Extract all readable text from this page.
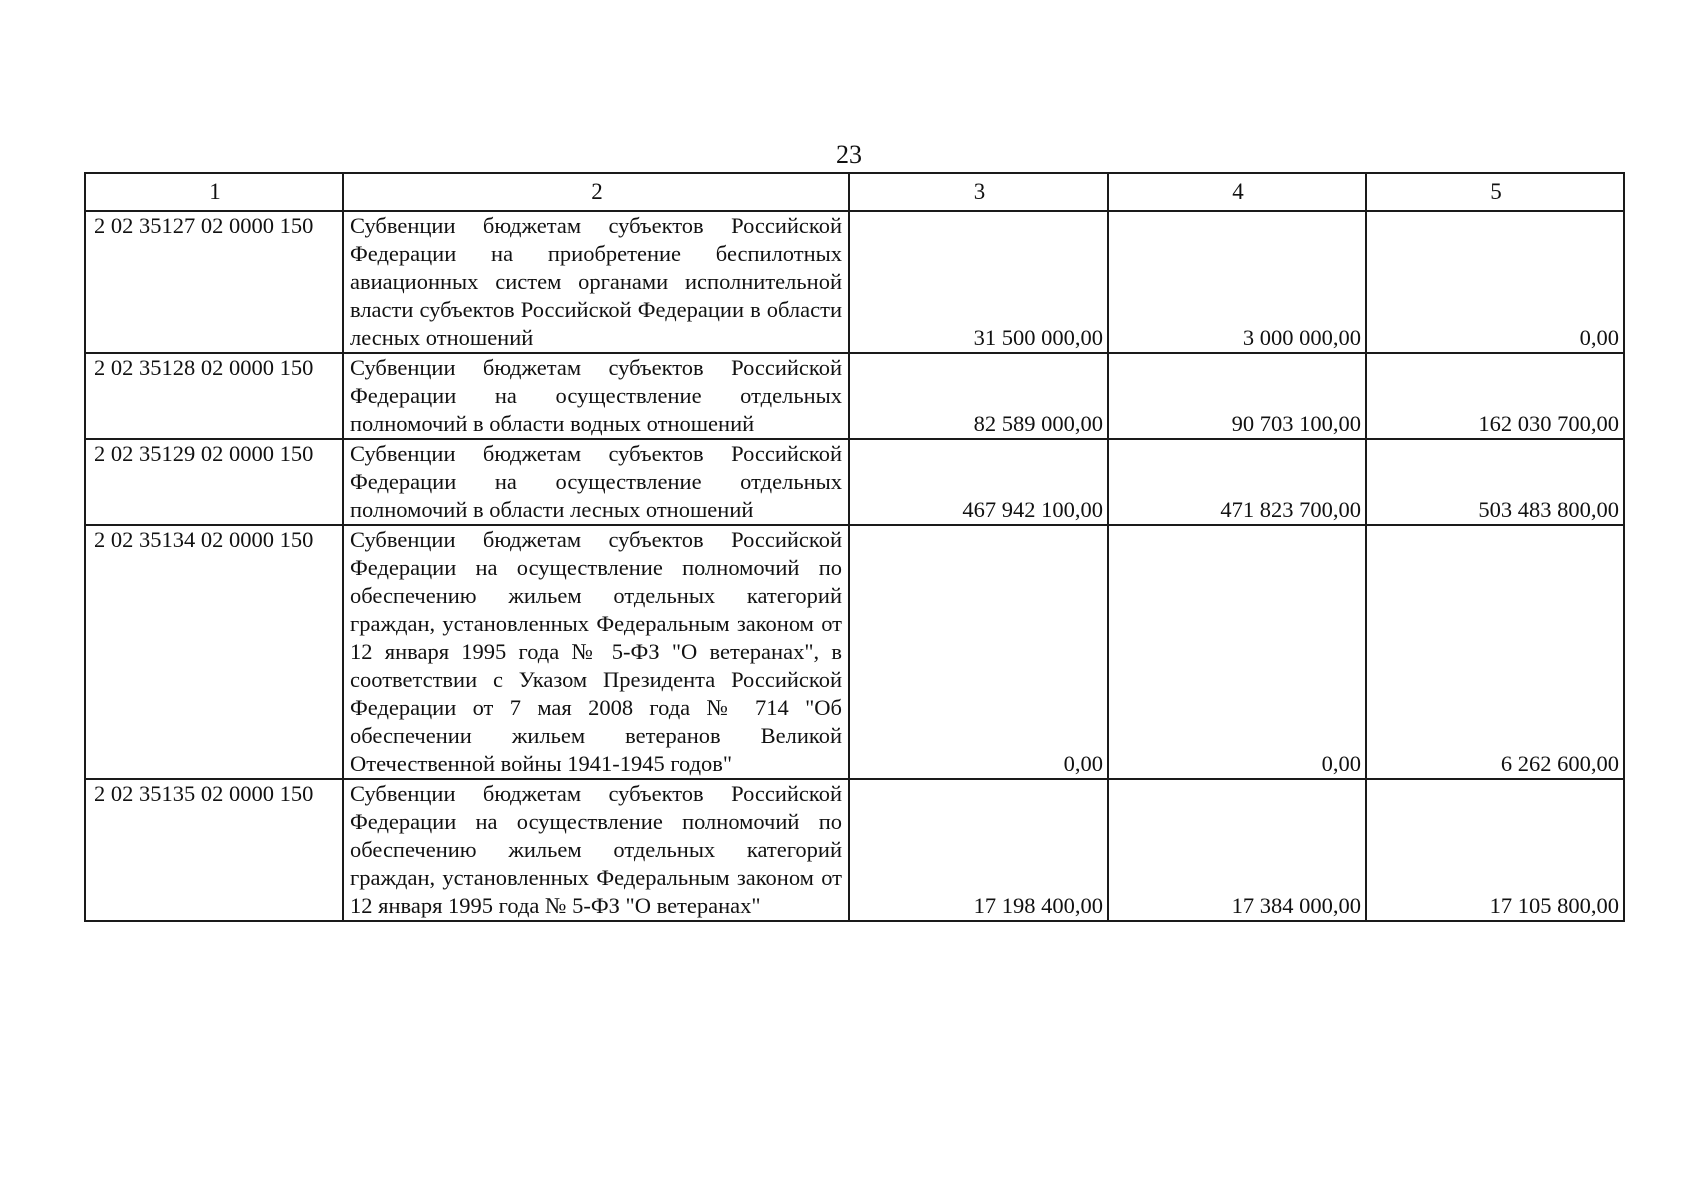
23
1	2	3	4	5
2 02 35127 02 0000 150	Субвенции бюджетам субъектов Российской Федерации на приобретение беспилотных авиационных систем органами исполнительной власти субъектов Российской Федерации в области лесных отношений	31 500 000,00	3 000 000,00	0,00
2 02 35128 02 0000 150	Субвенции бюджетам субъектов Российской Федерации на осуществление отдельных полномочий в области водных отношений	82 589 000,00	90 703 100,00	162 030 700,00
2 02 35129 02 0000 150	Субвенции бюджетам субъектов Российской Федерации на осуществление отдельных полномочий в области лесных отношений	467 942 100,00	471 823 700,00	503 483 800,00
2 02 35134 02 0000 150	Субвенции бюджетам субъектов Российской Федерации на осуществление полномочий по обеспечению жильем отдельных категорий граждан, установленных Федеральным законом от 12 января 1995 года № 5-ФЗ "О ветеранах", в соответствии с Указом Президента Российской Федерации от 7 мая 2008 года № 714 "Об обеспечении жильем ветеранов Великой Отечественной войны 1941-1945 годов"	0,00	0,00	6 262 600,00
2 02 35135 02 0000 150	Субвенции бюджетам субъектов Российской Федерации на осуществление полномочий по обеспечению жильем отдельных категорий граждан, установленных Федеральным законом от 12 января 1995 года № 5-ФЗ "О ветеранах"	17 198 400,00	17 384 000,00	17 105 800,00
